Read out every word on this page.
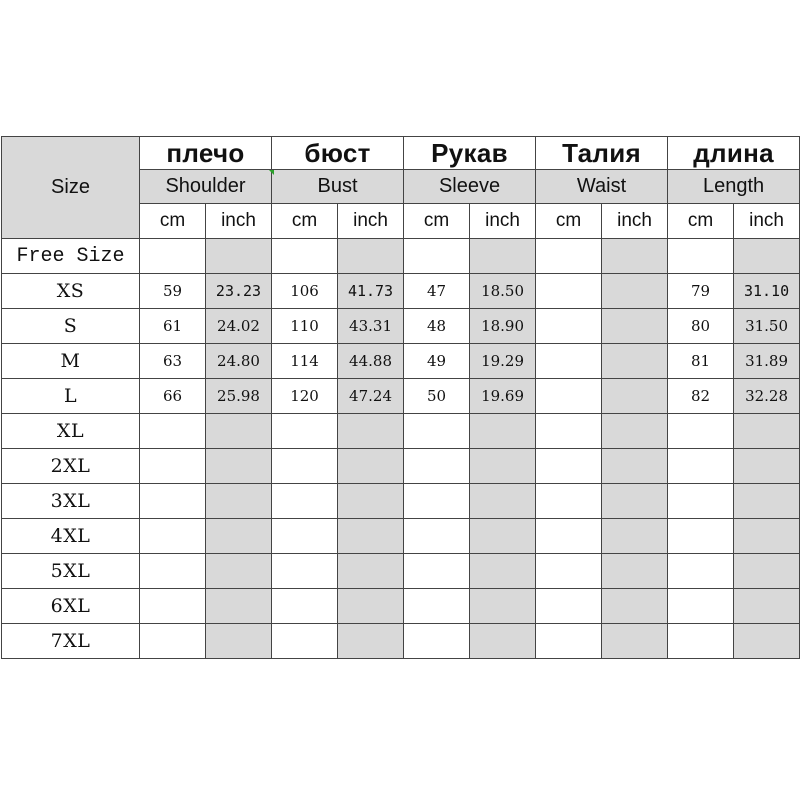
Size	плечо		бюст		Рукав		Талия		длина	
	Shoulder		Bust		Sleeve		Waist		Length	
	cm	inch	cm	inch	cm	inch	cm	inch	cm	inch
Free Size										
XS	59	23.23	106	41.73	47	18.50			79	31.10
S	61	24.02	110	43.31	48	18.90			80	31.50
M	63	24.80	114	44.88	49	19.29			81	31.89
L	66	25.98	120	47.24	50	19.69			82	32.28
XL										
2XL										
3XL										
4XL										
5XL										
6XL										
7XL										
